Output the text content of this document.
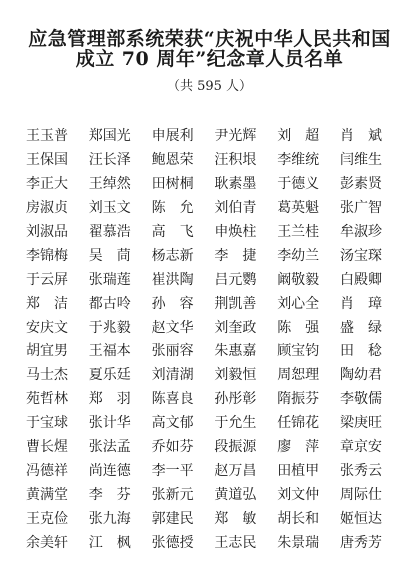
应急管理部系统荣获“庆祝中华人民共和国
成立 70 周年”纪念章人员名单
（共 595 人）
王玉普	郑国光	申展利	尹光辉	刘　超	肖　斌
王保国	汪长泽	鲍恩荣	汪积垠	李维统	闫维生
李正大	王绰然	田树桐	耿素墨	于德义	彭素贤
房淑贞	刘玉文	陈　允	刘伯青	葛英魁	张广智
刘淑品	翟慕浩	高　飞	申焕柱	王兰桂	牟淑珍
李锦梅	吴　茼	杨志新	李　捷	李幼兰	汤宝琛
于云屏	张瑞莲	崔洪陶	吕元鹦	阚敬毅	白殿卿
郑　洁	都古呤	孙　容	荆凯善	刘心全	肖　璋
安庆文	于兆毅	赵文华	刘奎政	陈　强	盛　绿
胡宜男	王福本	张丽容	朱惠嘉	顾宝钧	田　稔
马士杰	夏乐廷	刘清湖	刘毅恒	周恕理	陶幼君
苑哲林	郑　羽	陈喜良	孙彤彰	隋振芬	李敬儒
于宝球	张计华	高文郁	于允生	任锦花	梁庚旺
曹长煋	张法孟	乔如芬	段振源	廖　萍	章京安
冯德祥	尚连德	李一平	赵万昌	田植甲	张秀云
黄满堂	李　芬	张新元	黄道弘	刘文仲	周际仕
王克俭	张九海	郭建民	郑　敏	胡长和	姬恒达
余美轩	江　枫	张德授	王志民	朱景瑞	唐秀芳
